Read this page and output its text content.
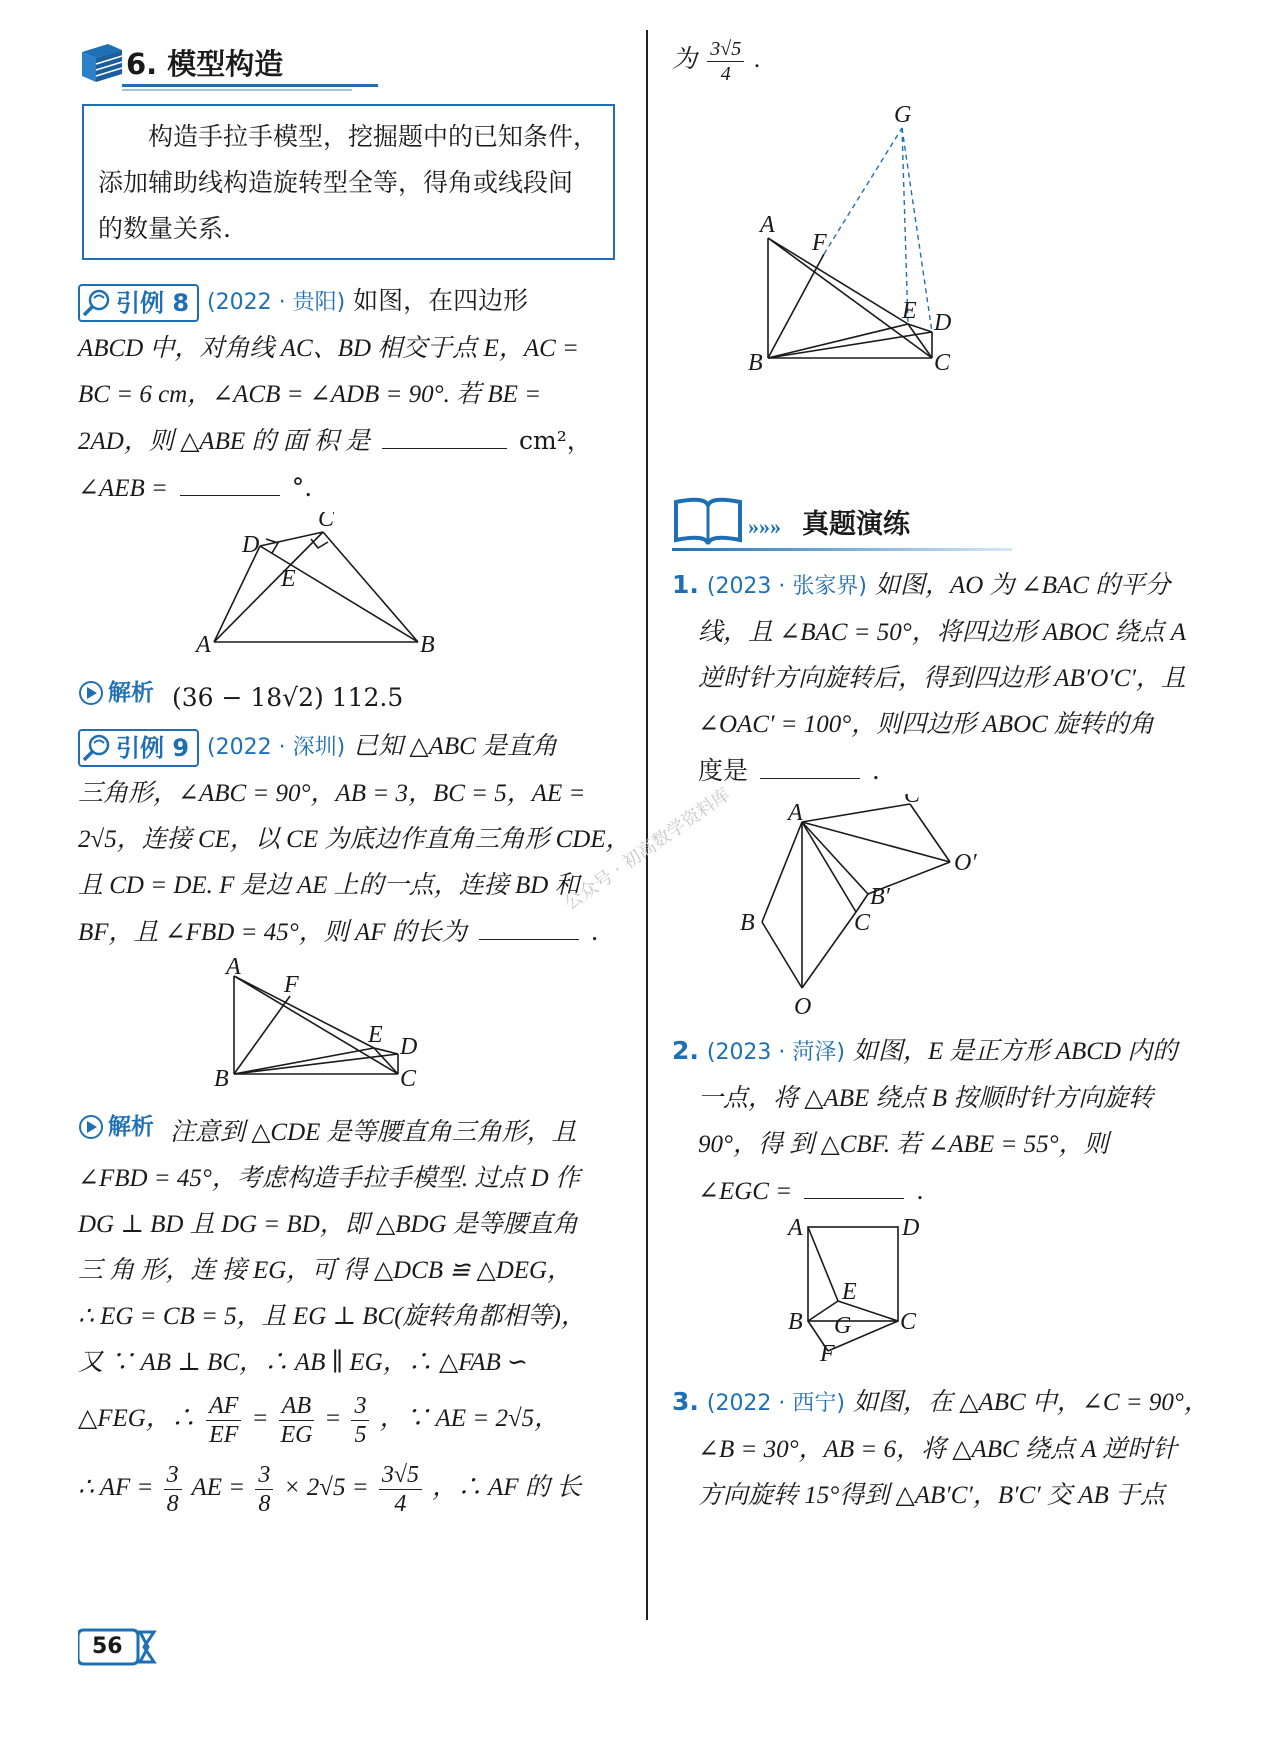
公众号 · 初高数学资料库
6. 模型构造
构造手拉手模型，挖掘题中的已知条件，
添加辅助线构造旋转型全等，得角或线段间
的数量关系.
引例 8 (2022 · 贵阳) 如图，在四边形
ABCD 中，对角线 AC、BD 相交于点 E，AC =
BC = 6 cm，∠ACB = ∠ADB = 90°. 若 BE =
2AD，则 △ABE 的 面 积 是	cm²，
∠AEB =	°.
A	B
C
D
E
解析 (36 − 18√2) 112.5
引例 9 (2022 · 深圳) 已知 △ABC 是直角
三角形，∠ABC = 90°，AB = 3，BC = 5，AE =
2√5，连接 CE，以 CE 为底边作直角三角形 CDE，
且 CD = DE. F 是边 AE 上的一点，连接 BD 和
BF，且 ∠FBD = 45°，则 AF 的长为	.
A
B	C
D
E
F
解析 注意到 △CDE 是等腰直角三角形，且
∠FBD = 45°，考虑构造手拉手模型. 过点 D 作
DG ⊥ BD 且 DG = BD，即 △BDG 是等腰直角
三 角 形，连 接 EG，可 得 △DCB ≌ △DEG，
∴ EG = CB = 5，且 EG ⊥ BC(旋转角都相等)，
又 ∵ AB ⊥ BC，∴ AB ∥ EG，∴ △FAB ∽
△FEG，∴ $\frac{AF}{EF} = \frac{AB}{EG} = \frac{3}{5}$ ，∵ AE = 2√5，
∴ AF = $\frac{3}{8}$ AE = $\frac{3}{8} \times 2√5 = \frac{3√5}{4}$ ，∴ AF 的 长
为 $\frac{3√5}{4}$ .
G
A
F
E D
B	C
»»» 真题演练
1. (2023 · 张家界) 如图，AO 为 ∠BAC 的平分
线，且 ∠BAC = 50°，将四边形 ABOC 绕点 A
逆时针方向旋转后，得到四边形 AB′O′C′，且
∠OAC′ = 100°，则四边形 ABOC 旋转的角
度是	.
A
C′
O′
B′
C
B
O
2. (2023 · 菏泽) 如图，E 是正方形 ABCD 内的
一点，将 △ABE 绕点 B 按顺时针方向旋转
90°，得 到 △CBF. 若 ∠ABE = 55°，则
∠EGC =	.
A	D
E
B	C
G
F
3. (2022 · 西宁) 如图，在 △ABC 中，∠C = 90°，
∠B = 30°，AB = 6，将 △ABC 绕点 A 逆时针
方向旋转 15°得到 △AB′C′，B′C′ 交 AB 于点
56
